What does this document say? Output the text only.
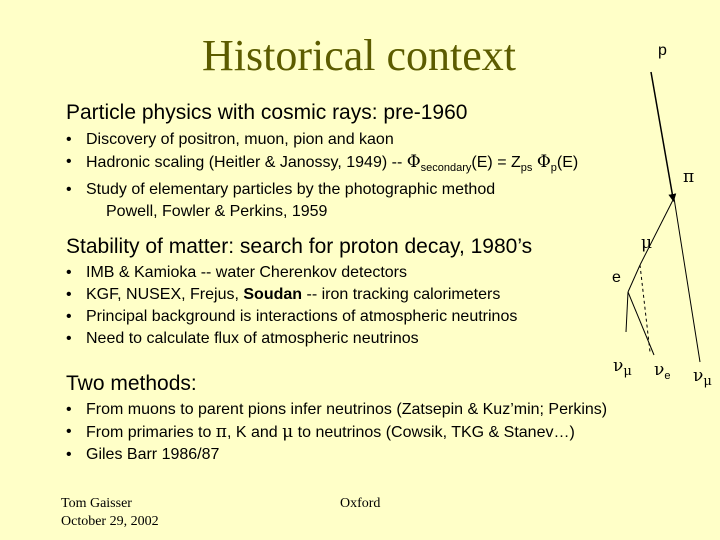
Historical context
Particle physics with cosmic rays: pre-1960
• Discovery of positron, muon, pion and kaon
• Hadronic scaling (Heitler & Janossy, $1949) -- \Phi_{secondary}(E) = Z_{ps}$ $\Phi_p(E)$
• Study of elementary particles by the photographic method
Powell, Fowler & Perkins, 1959
Stability of matter: search for proton decay, 1980’s
• IMB & Kamioka -- water Cherenkov detectors
• KGF, NUSEX, Frejus, Soudan -- iron tracking calorimeters
• Principal background is interactions of atmospheric neutrinos
• Need to calculate flux of atmospheric neutrinos
Two methods:
• From muons to parent pions infer neutrinos (Zatsepin & Kuz’min; Perkins)
• From primaries to π, K and μ to neutrinos (Cowsik, TKG & Stanev…)
• Giles Barr 1986/87
p
π
μ
e
$\nu_\mu$ $\nu_e$ $\nu_\mu$
Tom Gaisser
October 29, 2002
Oxford
